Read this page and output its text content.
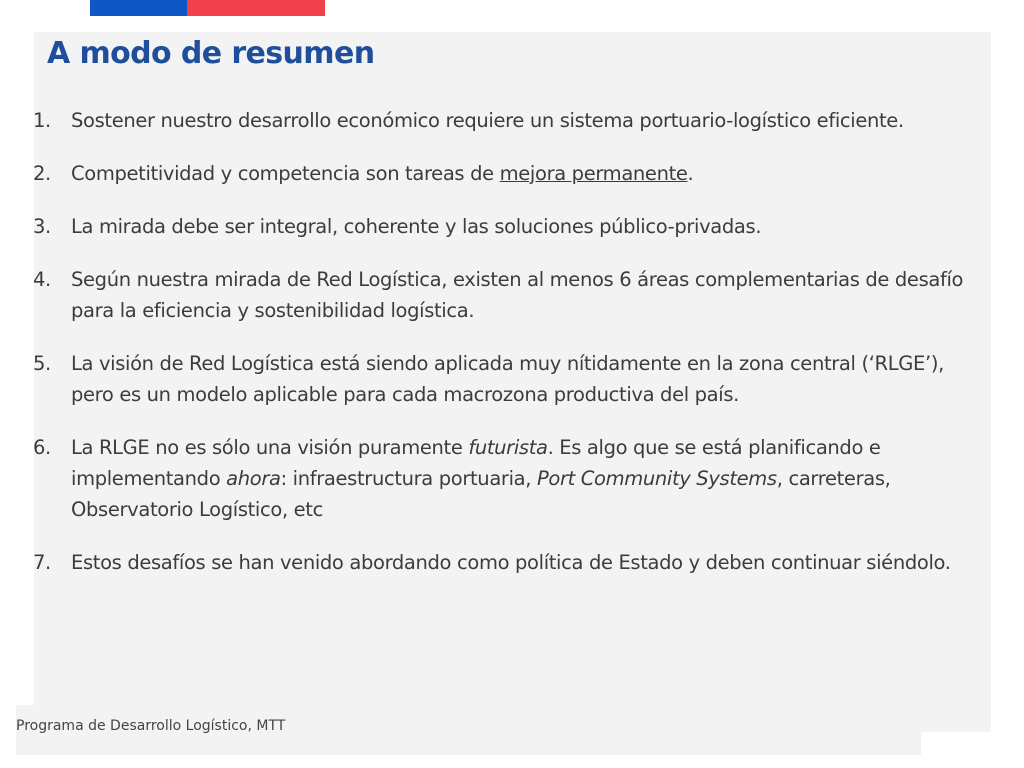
A modo de resumen
1.	Sostener nuestro desarrollo económico requiere un sistema portuario-logístico eficiente.
2.	Competitividad y competencia son tareas de mejora permanente.
3.	La mirada debe ser integral, coherente y las soluciones público-privadas.
4.	Según nuestra mirada de Red Logística, existen al menos 6 áreas complementarias de desafío para la eficiencia y sostenibilidad logística.
5.	La visión de Red Logística está siendo aplicada muy nítidamente en la zona central (‘RLGE’), pero es un modelo aplicable para cada macrozona productiva del país.
6.	La RLGE no es sólo una visión puramente futurista. Es algo que se está planificando e implementando ahora: infraestructura portuaria, Port Community Systems, carreteras, Observatorio Logístico, etc
7.	Estos desafíos se han venido abordando como política de Estado y deben continuar siéndolo.
Programa de Desarrollo Logístico, MTT
